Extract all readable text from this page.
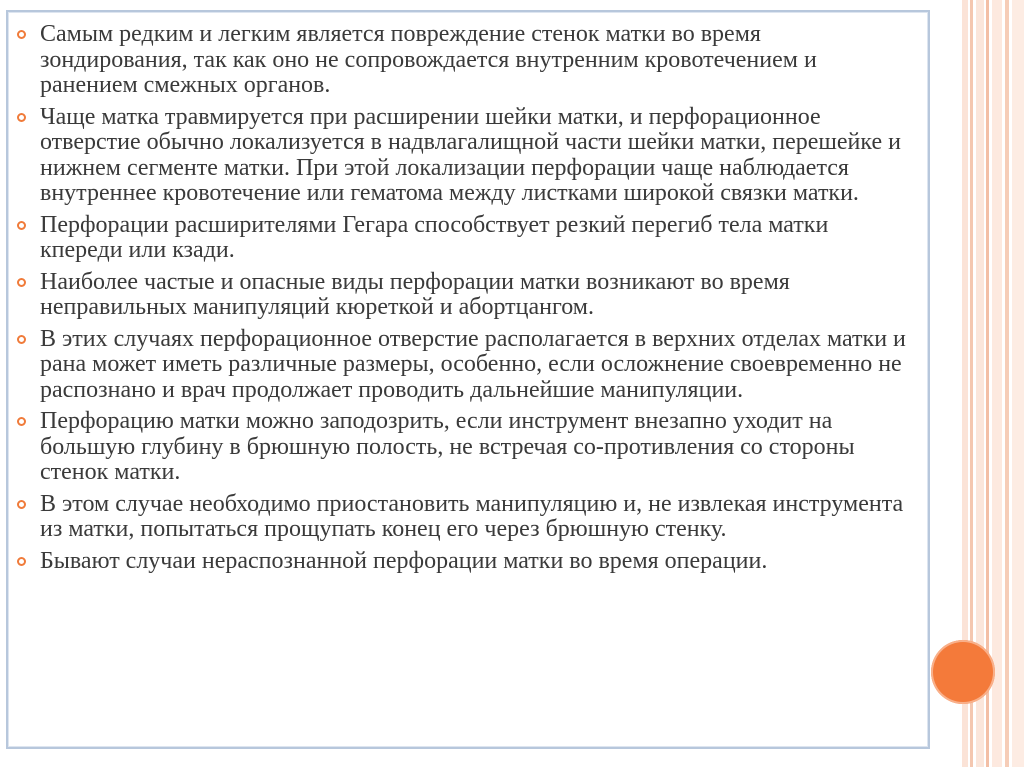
Самым редким и легким является повреждение стенок матки во время зондирования, так как оно не сопровождается внутренним кровотечением и ранением смежных органов.
Чаще матка травмируется при расширении шейки матки, и перфорационное отверстие обычно локализуется в надвлагалищной части шейки матки, перешейке и нижнем сегменте матки. При этой локализации перфорации чаще наблюдается внутреннее кровотечение или гематома между листками широкой связки матки.
Перфорации расширителями Гегара способствует резкий перегиб тела матки кпереди или кзади.
Наиболее частые и опасные виды перфорации матки возникают во время неправильных манипуляций кюреткой и абортцангом.
В этих случаях перфорационное отверстие располагается в верхних отделах матки и рана может иметь различные размеры, особенно, если осложнение своевременно не распознано и врач продолжает проводить дальнейшие манипуляции.
Перфорацию матки можно заподозрить, если инструмент внезапно уходит на большую глубину в брюшную полость, не встречая со-противления со стороны стенок матки.
В этом случае необходимо приостановить манипуляцию и, не извлекая инструмента из матки, попытаться прощупать конец его через брюшную стенку.
Бывают случаи нераспознанной перфорации матки во время операции.
